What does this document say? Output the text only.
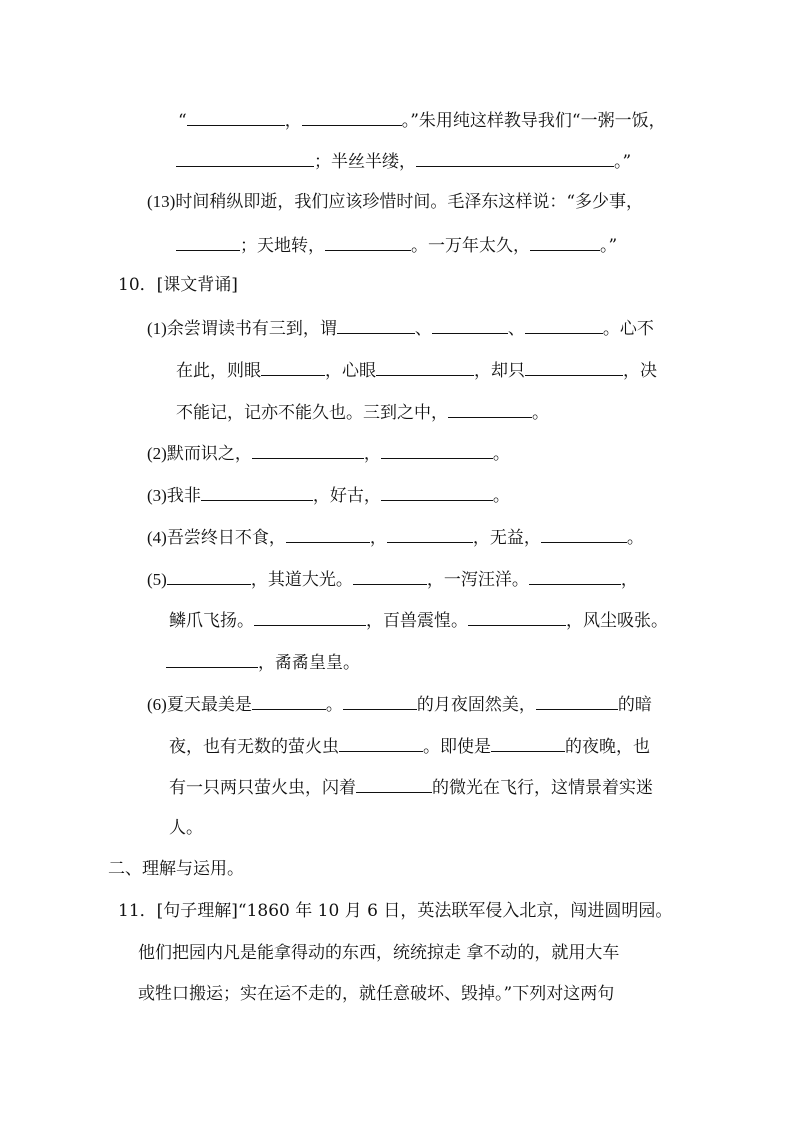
“	，	。”朱用纯这样教导我们“一粥一饭，
；半丝半缕，	。”
(13)时间稍纵即逝，我们应该珍惜时间。毛泽东这样说：“多少事，
；天地转，	。一万年太久，	。”
10．[课文背诵]
(1)余尝谓读书有三到，谓	、	、	。心不
在此，则眼	，心眼	，却只	，决
不能记，记亦不能久也。三到之中，	。
(2)默而识之，	，	。
(3)我非	，好古，	。
(4)吾尝终日不食，	，	，无益，	。
(5)	，其道大光。	，一泻汪洋。	，
鳞爪飞扬。	，百兽震惶。	，风尘吸张。
，矞矞皇皇。
(6)夏天最美是	。	的月夜固然美，	的暗
夜，也有无数的萤火虫	。即使是	的夜晚，也
有一只两只萤火虫，闪着	的微光在飞行，这情景着实迷
人。
二、理解与运用。
11．[句子理解]“1860 年 10 月 6 日，英法联军侵入北京，闯进圆明园。
他们把园内凡是能拿得动的东西，统统掠走 拿不动的，就用大车
或牲口搬运；实在运不走的，就任意破坏、毁掉。”下列对这两句
